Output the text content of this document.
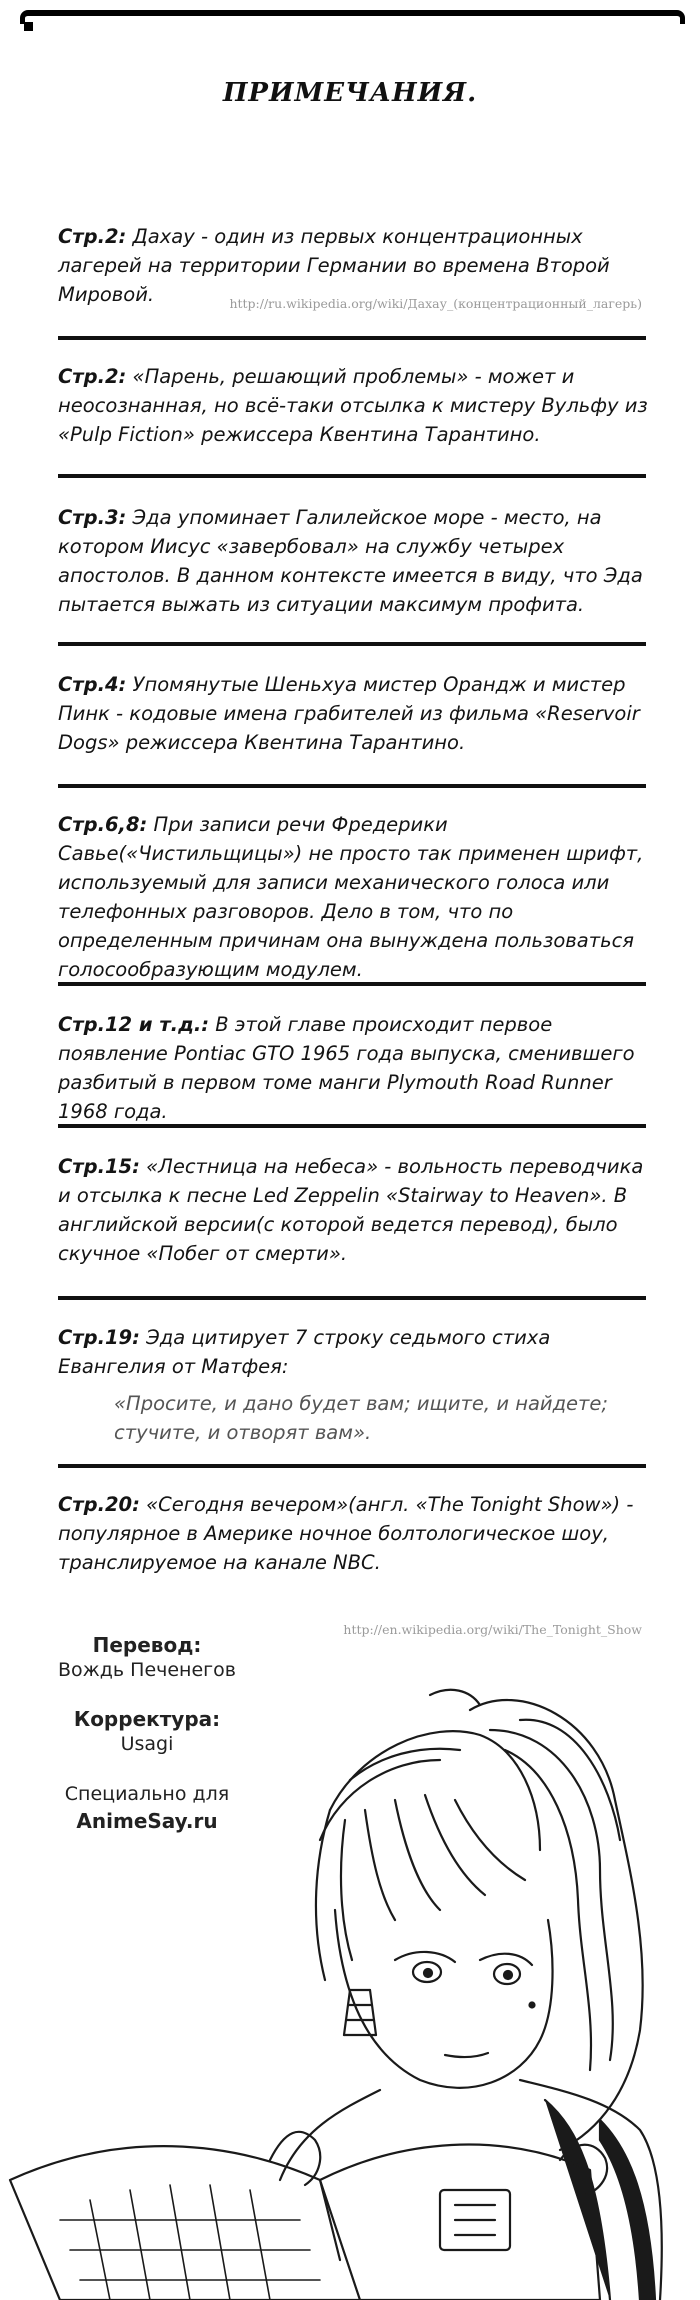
ПРИМЕЧАНИЯ.
Стр.2: Дахау - один из первых концентрационных лагерей на территории Германии во времена Второй Мировой.	http://ru.wikipedia.org/wiki/Дахау_(концентрационный_лагерь)
Стр.2: «Парень, решающий проблемы» - может и неосознанная, но всё-таки отсылка к мистеру Вульфу из «Pulp Fiction» режиссера Квентина Тарантино.
Стр.3: Эда упоминает Галилейское море - место, на котором Иисус «завербовал» на службу четырех апостолов. В данном контексте имеется в виду, что Эда пытается выжать из ситуации максимум профита.
Стр.4: Упомянутые Шеньхуа мистер Орандж и мистер Пинк - кодовые имена грабителей из фильма «Reservoir Dogs» режиссера Квентина Тарантино.
Стр.6,8: При записи речи Фредерики Савье(«Чистильщицы») не просто так применен шрифт, используемый для записи механического голоса или телефонных разговоров. Дело в том, что по определенным причинам она вынуждена пользоваться голосообразующим модулем.
Стр.12 и т.д.: В этой главе происходит первое появление Pontiac GTO 1965 года выпуска, сменившего разбитый в первом томе манги Plymouth Road Runner 1968 года.
Стр.15: «Лестница на небеса» - вольность переводчика и отсылка к песне Led Zeppelin «Stairway to Heaven». В английской версии(с которой ведется перевод), было скучное «Побег от смерти».
Стр.19: Эда цитирует 7 строку седьмого стиха Евангелия от Матфея:
«Просите, и дано будет вам; ищите, и найдете; стучите, и отворят вам».
Стр.20: «Сегодня вечером»(англ. «The Tonight Show») - популярное в Америке ночное болтологическое шоу, транслируемое на канале NBC.
http://en.wikipedia.org/wiki/The_Tonight_Show
Перевод:
Вождь Печенегов
Корректура:
Usagi
Специально для
AnimeSay.ru
